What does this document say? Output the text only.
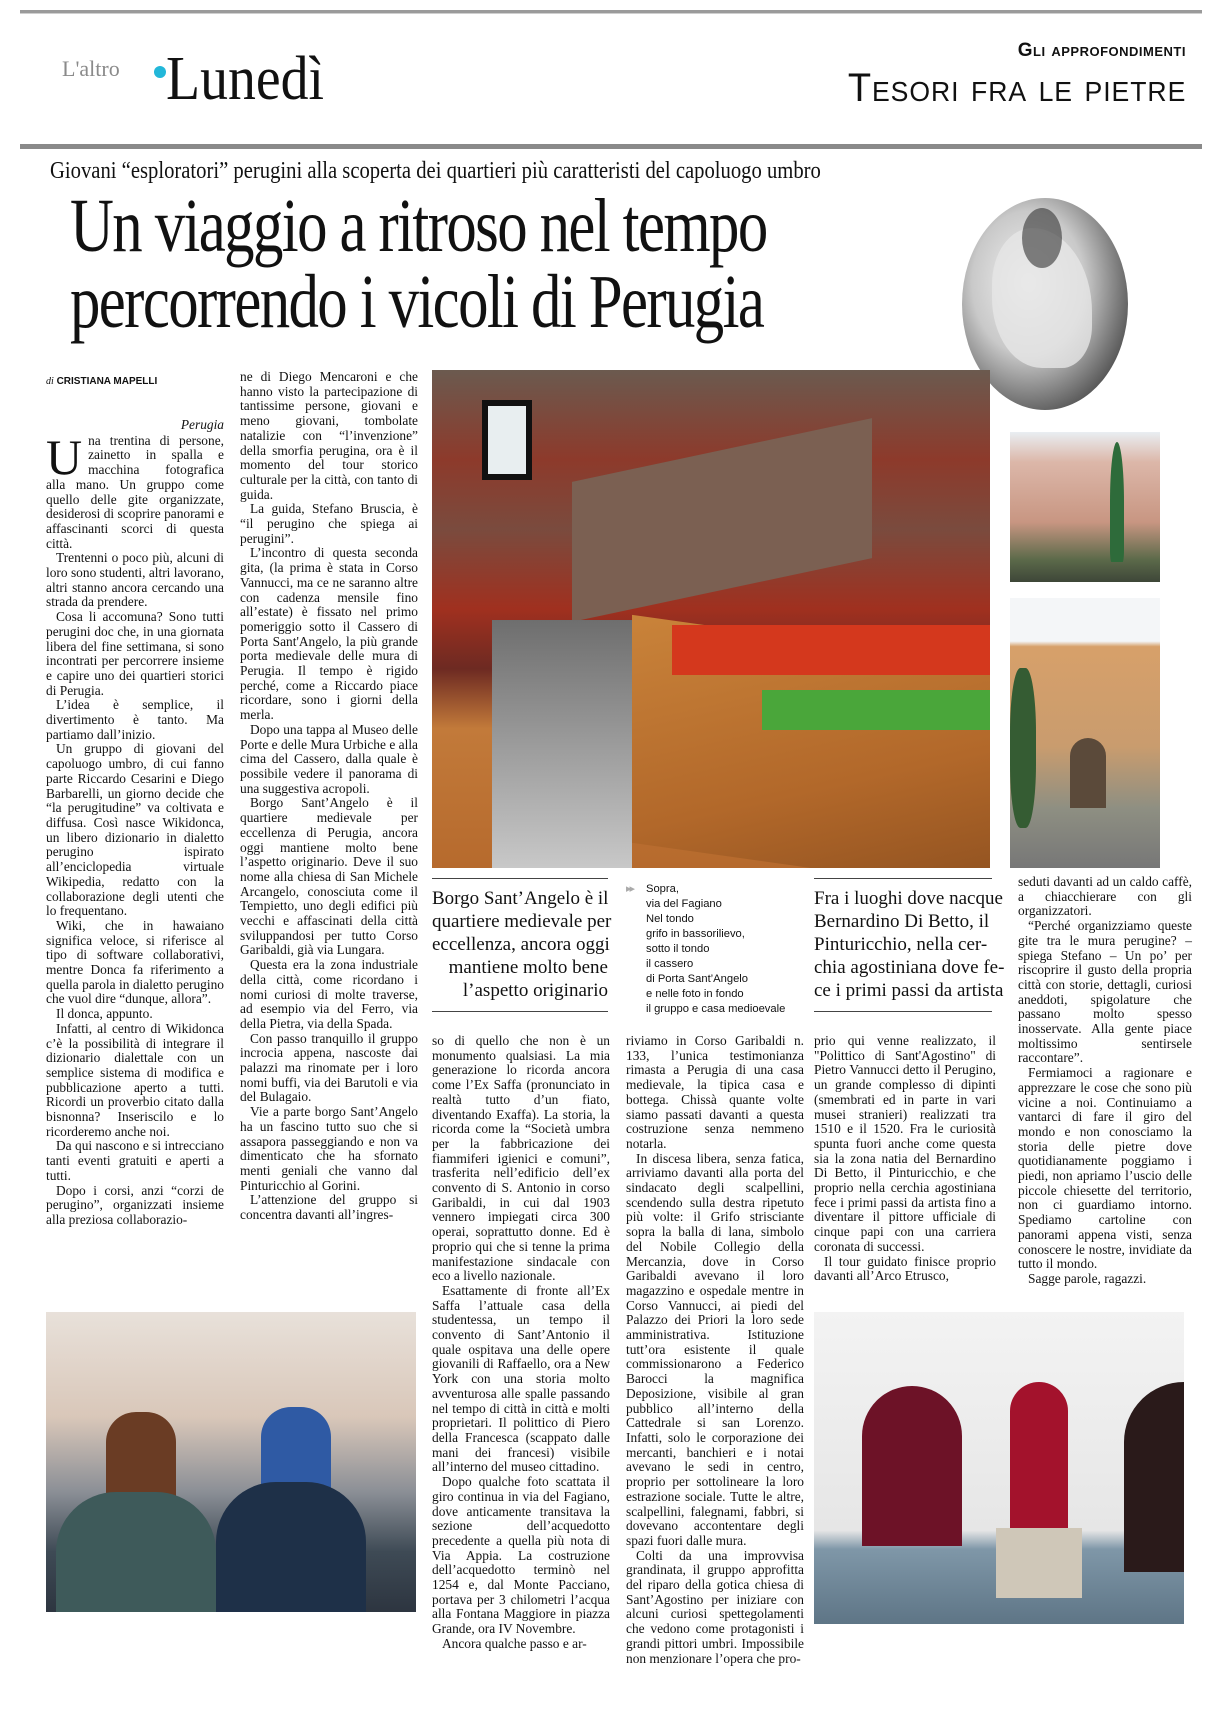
L'altro Lunedì	Gli approfondimenti
Tesori fra le pietre
Giovani “esploratori” perugini alla scoperta dei quartieri più caratteristi del capoluogo umbro
Un viaggio a ritroso nel tempo
percorrendo i vicoli di Perugia
di CRISTIANA MAPELLI
Perugia

Una trentina di persone, zainetto in spalla e macchina fotografica alla mano. Un gruppo come quello delle gite organizzate, desiderosi di scoprire panorami e affascinanti scorci di questa città.

Trentenni o poco più, alcuni di loro sono studenti, altri lavorano, altri stanno ancora cercando una strada da prendere.

Cosa li accomuna? Sono tutti perugini doc che, in una giornata libera del fine settimana, si sono incontrati per percorrere insieme e capire uno dei quartieri storici di Perugia.

L’idea è semplice, il divertimento è tanto. Ma partiamo dall’inizio.

Un gruppo di giovani del capoluogo umbro, di cui fanno parte Riccardo Cesarini e Diego Barbarelli, un giorno decide che “la perugitudine” va coltivata e diffusa. Così nasce Wikidonca, un libero dizionario in dialetto perugino ispirato all’enciclopedia virtuale Wikipedia, redatto con la collaborazione degli utenti che lo frequentano.

Wiki, che in hawaiano significa veloce, si riferisce al tipo di software collaborativi, mentre Donca fa riferimento a quella parola in dialetto perugino che vuol dire “dunque, allora”.

Il donca, appunto.

Infatti, al centro di Wikidonca c’è la possibilità di integrare il dizionario dialettale con un semplice sistema di modifica e pubblicazione aperto a tutti. Ricordi un proverbio citato dalla bisnonna? Inseriscilo e lo ricorderemo anche noi.

Da qui nascono e si intrecciano tanti eventi gratuiti e aperti a tutti.

Dopo i corsi, anzi “corzi de perugino”, organizzati insieme alla preziosa collaborazio-

ne di Diego Mencaroni e che hanno visto la partecipazione di tantissime persone, giovani e meno giovani, tombolate natalizie con “l’invenzione” della smorfia perugina, ora è il momento del tour storico culturale per la città, con tanto di guida.

La guida, Stefano Bruscia, è “il perugino che spiega ai perugini”.

L’incontro di questa seconda gita, (la prima è stata in Corso Vannucci, ma ce ne saranno altre con cadenza mensile fino all’estate) è fissato nel primo pomeriggio sotto il Cassero di Porta Sant'Angelo, la più grande porta medievale delle mura di Perugia. Il tempo è rigido perché, come a Riccardo piace ricordare, sono i giorni della merla.

Dopo una tappa al Museo delle Porte e delle Mura Urbiche e alla cima del Cassero, dalla quale è possibile vedere il panorama di una suggestiva acropoli.

Borgo Sant’Angelo è il quartiere medievale per eccellenza di Perugia, ancora oggi mantiene molto bene l’aspetto originario. Deve il suo nome alla chiesa di San Michele Arcangelo, conosciuta come il Tempietto, uno degli edifici più vecchi e affascinati della città sviluppandosi per tutto Corso Garibaldi, già via Lungara.

Questa era la zona industriale della città, come ricordano i nomi curiosi di molte traverse, ad esempio via del Ferro, via della Pietra, via della Spada.

Con passo tranquillo il gruppo incrocia appena, nascoste dai palazzi ma rinomate per i loro nomi buffi, via dei Barutoli e via del Bulagaio.

Vie a parte borgo Sant’Angelo ha un fascino tutto suo che si assapora passeggiando e non va dimenticato che ha sfornato menti geniali che vanno dal Pinturicchio al Gorini.

L’attenzione del gruppo si concentra davanti all’ingres-

Borgo Sant’Angelo è il
quartiere medievale per
eccellenza, ancora oggi
mantiene molto bene
l’aspetto originario
▸▸ Sopra,
via del Fagiano
Nel tondo
grifo in bassorilievo,
sotto il tondo
il cassero
di Porta Sant’Angelo
e nelle foto in fondo
il gruppo e casa medioevale
Fra i luoghi dove nacque
Bernardino Di Betto, il
Pinturicchio, nella cer-
chia agostiniana dove fe-
ce i primi passi da artista

so di quello che non è un monumento qualsiasi. La mia generazione lo ricorda ancora come l’Ex Saffa (pronunciato in realtà tutto d’un fiato, diventando Exaffa). La storia, la ricorda come la “Società umbra per la fabbricazione dei fiammiferi igienici e comuni”, trasferita nell’edificio dell’ex convento di S. Antonio in corso Garibaldi, in cui dal 1903 vennero impiegati circa 300 operai, soprattutto donne. Ed è proprio qui che si tenne la prima manifestazione sindacale con eco a livello nazionale.

Esattamente di fronte all’Ex Saffa l’attuale casa della studentessa, un tempo il convento di Sant’Antonio il quale ospitava una delle opere giovanili di Raffaello, ora a New York con una storia molto avventurosa alle spalle passando nel tempo di città in città e molti proprietari. Il polittico di Piero della Francesca (scappato dalle mani dei francesi) visibile all’interno del museo cittadino.

Dopo qualche foto scattata il giro continua in via del Fagiano, dove anticamente transitava la sezione dell’acquedotto precedente a quella più nota di Via Appia. La costruzione dell’acquedotto terminò nel 1254 e, dal Monte Pacciano, portava per 3 chilometri l’acqua alla Fontana Maggiore in piazza Grande, ora IV Novembre.

Ancora qualche passo e ar-

riviamo in Corso Garibaldi n. 133, l’unica testimonianza rimasta a Perugia di una casa medievale, la tipica casa e bottega. Chissà quante volte siamo passati davanti a questa costruzione senza nemmeno notarla.

In discesa libera, senza fatica, arriviamo davanti alla porta del sindacato degli scalpellini, scendendo sulla destra ripetuto più volte: il Grifo strisciante sopra la balla di lana, simbolo del Nobile Collegio della Mercanzia, dove in Corso Garibaldi avevano il loro magazzino e ospedale mentre in Corso Vannucci, ai piedi del Palazzo dei Priori la loro sede amministrativa. Istituzione tutt’ora esistente il quale commissionarono a Federico Barocci la magnifica Deposizione, visibile al gran pubblico all’interno della Cattedrale si san Lorenzo. Infatti, solo le corporazione dei mercanti, banchieri e i notai avevano le sedi in centro, proprio per sottolineare la loro estrazione sociale. Tutte le altre, scalpellini, falegnami, fabbri, si dovevano accontentare degli spazi fuori dalle mura.

Colti da una improvvisa grandinata, il gruppo approfitta del riparo della gotica chiesa di Sant’Agostino per iniziare con alcuni curiosi spettegolamenti che vedono come protagonisti i grandi pittori umbri. Impossibile non menzionare l’opera che pro-

prio qui venne realizzato, il "Polittico di Sant'Agostino" di Pietro Vannucci detto il Perugino, un grande complesso di dipinti (smembrati ed in parte in vari musei stranieri) realizzati tra 1510 e il 1520. Fra le curiosità spunta fuori anche come questa sia la zona natia del Bernardino Di Betto, il Pinturicchio, e che proprio nella cerchia agostiniana fece i primi passi da artista fino a diventare il pittore ufficiale di cinque papi con una carriera coronata di successi.

Il tour guidato finisce proprio davanti all’Arco Etrusco,

seduti davanti ad un caldo caffè, a chiacchierare con gli organizzatori.

“Perché organizziamo queste gite tra le mura perugine? – spiega Stefano – Un po’ per riscoprire il gusto della propria città con storie, dettagli, curiosi aneddoti, spigolature che passano molto spesso inosservate. Alla gente piace moltissimo sentirsele raccontare”.

Fermiamoci a ragionare e apprezzare le cose che sono più vicine a noi. Continuiamo a vantarci di fare il giro del mondo e non conosciamo la storia delle pietre dove quotidianamente poggiamo i piedi, non apriamo l’uscio delle piccole chiesette del territorio, non ci guardiamo intorno. Spediamo cartoline con panorami appena visti, senza conoscere le nostre, invidiate da tutto il mondo.

Sagge parole, ragazzi.
